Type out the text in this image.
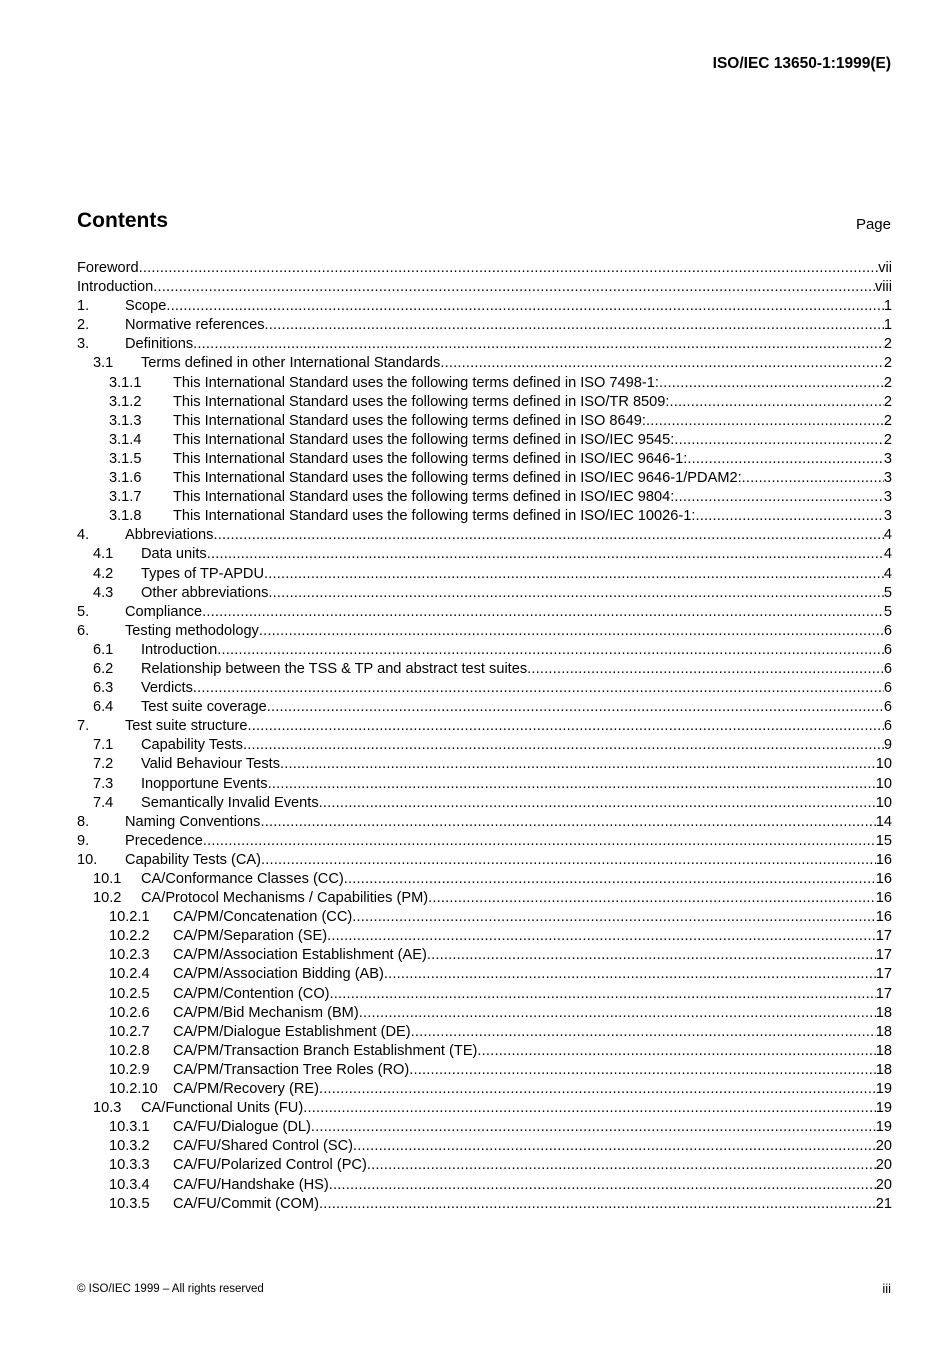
ISO/IEC 13650-1:1999(E)
Contents	Page
Foreword .....	vii
Introduction .....	viii
1.	Scope .....	1
2.	Normative references .....	1
3.	Definitions .....	2
3.1	Terms defined in other International Standards .....	2
3.1.1	This International Standard uses the following terms defined in ISO 7498-1: .....	2
3.1.2	This International Standard uses the following terms defined in ISO/TR 8509: .....	2
3.1.3	This International Standard uses the following terms defined in ISO 8649: .....	2
3.1.4	This International Standard uses the following terms defined in ISO/IEC 9545: .....	2
3.1.5	This International Standard uses the following terms defined in ISO/IEC 9646-1: .....	3
3.1.6	This International Standard uses the following terms defined in ISO/IEC 9646-1/PDAM2: .....	3
3.1.7	This International Standard uses the following terms defined in ISO/IEC 9804: .....	3
3.1.8	This International Standard uses the following terms defined in ISO/IEC 10026-1: .....	3
4.	Abbreviations .....	4
4.1	Data units .....	4
4.2	Types of TP-APDU .....	4
4.3	Other abbreviations .....	5
5.	Compliance .....	5
6.	Testing methodology .....	6
6.1	Introduction .....	6
6.2	Relationship between the TSS & TP and abstract test suites .....	6
6.3	Verdicts .....	6
6.4	Test suite coverage .....	6
7.	Test suite structure .....	6
7.1	Capability Tests .....	9
7.2	Valid Behaviour Tests .....	10
7.3	Inopportune Events .....	10
7.4	Semantically Invalid Events .....	10
8.	Naming Conventions .....	14
9.	Precedence .....	15
10.	Capability Tests (CA) .....	16
10.1	CA/Conformance Classes (CC) .....	16
10.2	CA/Protocol Mechanisms / Capabilities (PM) .....	16
10.2.1	CA/PM/Concatenation (CC) .....	16
10.2.2	CA/PM/Separation (SE) .....	17
10.2.3	CA/PM/Association Establishment (AE) .....	17
10.2.4	CA/PM/Association Bidding (AB) .....	17
10.2.5	CA/PM/Contention (CO) .....	17
10.2.6	CA/PM/Bid Mechanism (BM) .....	18
10.2.7	CA/PM/Dialogue Establishment (DE) .....	18
10.2.8	CA/PM/Transaction Branch Establishment (TE) .....	18
10.2.9	CA/PM/Transaction Tree Roles (RO) .....	18
10.2.10	CA/PM/Recovery (RE) .....	19
10.3	CA/Functional Units (FU) .....	19
10.3.1	CA/FU/Dialogue (DL) .....	19
10.3.2	CA/FU/Shared Control (SC) .....	20
10.3.3	CA/FU/Polarized Control (PC) .....	20
10.3.4	CA/FU/Handshake (HS) .....	20
10.3.5	CA/FU/Commit (COM) .....	21
© ISO/IEC 1999 – All rights reserved	iii
